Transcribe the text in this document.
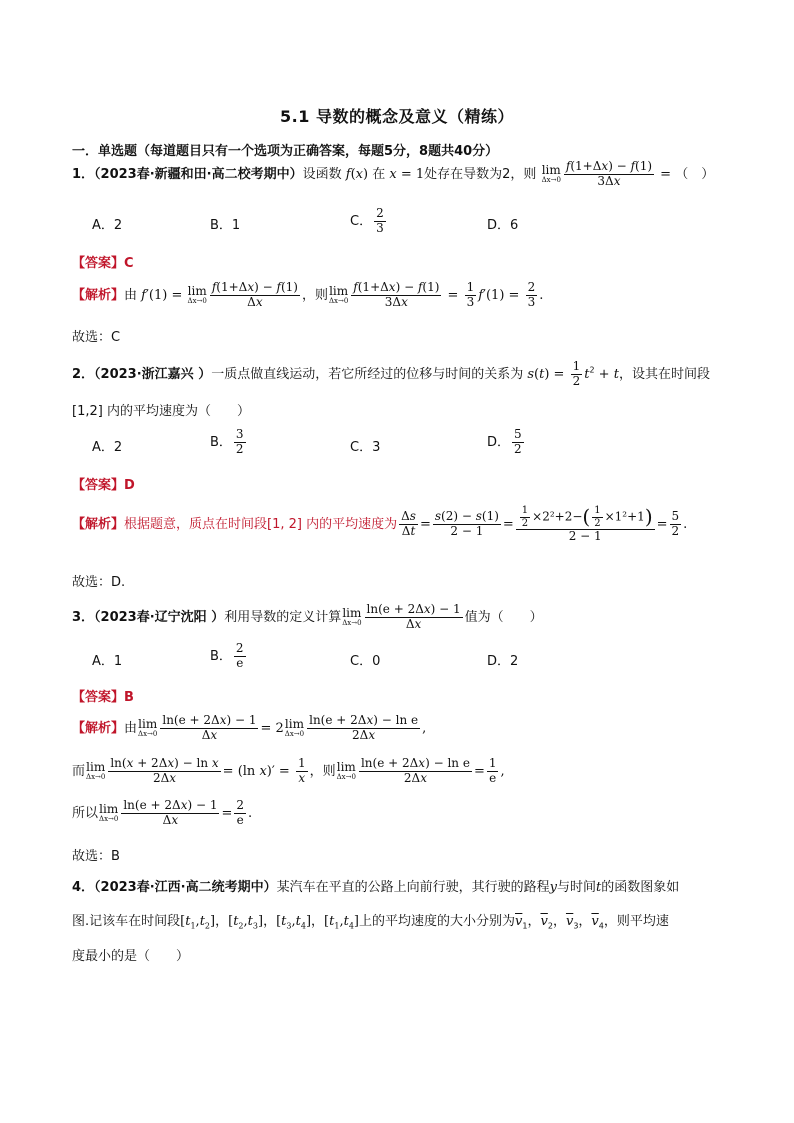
5.1 导数的概念及意义（精练）
一．单选题（每道题目只有一个选项为正确答案，每题5分，8题共40分）
1．（2023春·新疆和田·高二校考期中）设函数 f(x) 在 x = 1处存在导数为2，则 lim
$\Delta x\to 0 \frac{f(1+\Delta x) - f(1)}{3\Delta x}$ = （　）
A．2	B．1	C． $\frac{2}{3}$	D．6
【答案】C
【解析】由 f′(1) = lim
$\Delta x\to 0 \frac{f(1+\Delta x) - f(1)}{\Delta x}$ ，则lim
$\Delta x\to 0 \frac{f(1+\Delta x) - f(1)}{3\Delta x} = \frac{1}{3} f'(1) = \frac{2}{3}$ .
故选：C
2．（2023·浙江嘉兴 ）一质点做直线运动，若它所经过的位移与时间的关系为 $s(t) = \frac{1}{2} t^2 + t$，设其在时间段
[1,2] 内的平均速度为（　　）
A．2	B． $\frac{3}{2}$	C．3	D． $\frac{5}{2}$
【答案】D
【解析】根据题意，质点在时间段[1, 2] 内的平均速度为 $\frac{\Delta s}{\Delta t} = \frac{s(2) - s(1)}{2 - 1} = \frac{\frac{1}{2} \times 2^2+2-( \frac{1}{2} \times 1^2+1)}{2 - 1} = \frac{5}{2}$ .
故选：D.
3．（2023春·辽宁沈阳 ）利用导数的定义计算lim
$\Delta x\to 0 \frac{\ln(e + 2\Delta x) - 1}{\Delta x}$ 值为（　　）
A．1	B． $\frac{2}{e}$	C．0	D．2
【答案】B
【解析】由lim
$\Delta x\to 0 \frac{\ln(e + 2\Delta x) - 1}{\Delta x} = 2\lim$
$\Delta x\to 0 \frac{\text{ln(e + 2Δx) − ln e}}{2\Delta x}$ ,
而lim
$\Delta x\to 0 \frac{\text{ln(x + 2Δx) − ln x}}{2\Delta x} = (\ln$ $x)' = \frac{1}{x}$ ，则lim
$\Delta x\to 0 \frac{\text{ln(e + 2Δx) − ln e}}{2\Delta x} = \frac{1}{e}$ ,
所以lim
$\Delta x\to 0 \frac{\ln(e + 2\Delta x) - 1}{\Delta x} = \frac{2}{e}$ .
故选：B
4．（2023春·江西·高二统考期中）某汽车在平直的公路上向前行驶，其行驶的路程y与时间t的函数图象如
图.记该车在时间段$[t_1,t_2]$，$[t_2,t_3]$，$[t_3,t_4]$，$[t_1,t_4]$上的平均速度的大小分别为$\overline{v}_1$，$\overline{v}_2$，$\overline{v}_3$，$\overline{v}_4$，则平均速
度最小的是（　　）
